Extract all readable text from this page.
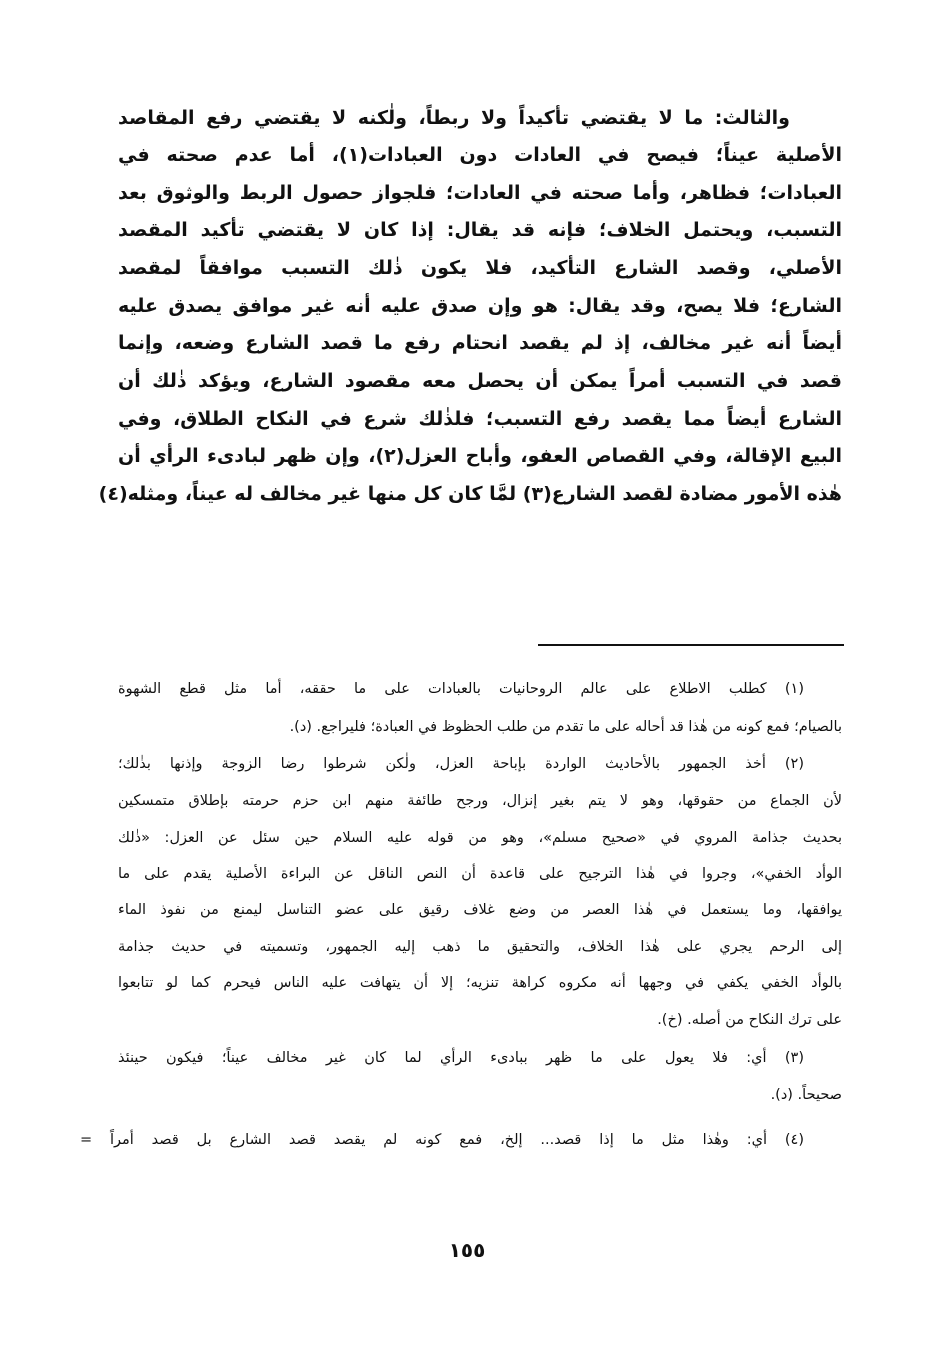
والثالث: ما لا يقتضي تأكيداً ولا ربطاً، ولٰكنه لا يقتضي رفع المقاصد
الأصلية عيناً؛ فيصح في العادات دون العبادات(١)، أما عدم صحته في
العبادات؛ فظاهر، وأما صحته في العادات؛ فلجواز حصول الربط والوثوق بعد
التسبب، ويحتمل الخلاف؛ فإنه قد يقال: إذا كان لا يقتضي تأكيد المقصد
الأصلي، وقصد الشارع التأكيد، فلا يكون ذٰلك التسبب موافقاً لمقصد
الشارع؛ فلا يصح، وقد يقال: هو وإن صدق عليه أنه غير موافق يصدق عليه
أيضاً أنه غير مخالف، إذ لم يقصد انحتام رفع ما قصد الشارع وضعه، وإنما
قصد في التسبب أمراً يمكن أن يحصل معه مقصود الشارع، ويؤكد ذٰلك أن
الشارع أيضاً مما يقصد رفع التسبب؛ فلذٰلك شرع في النكاح الطلاق، وفي
البيع الإقالة، وفي القصاص العفو، وأباح العزل(٢)، وإن ظهر لبادىء الرأي أن
هٰذه الأمور مضادة لقصد الشارع(٣) لمَّا كان كل منها غير مخالف له عيناً، ومثله(٤)
(١) كطلب الاطلاع على عالم الروحانيات بالعبادات على ما حققه، أما مثل قطع الشهوة
بالصيام؛ فمع كونه من هٰذا قد أحاله على ما تقدم من طلب الحظوظ في العبادة؛ فليراجع. (د).
(٢) أخذ الجمهور بالأحاديث الواردة بإباحة العزل، ولٰكن شرطوا رضا الزوجة وإذنها بذٰلك؛
لأن الجماع من حقوقها، وهو لا يتم بغير إنزال، ورجح طائفة منهم ابن حزم حرمته بإطلاق متمسكين
بحديث جذامة المروي في «صحيح مسلم»، وهو من قوله عليه السلام حين سئل عن العزل: «ذٰلك
الوأد الخفي»، وجروا في هٰذا الترجيح على قاعدة أن النص الناقل عن البراءة الأصلية يقدم على ما
يوافقها، وما يستعمل في هٰذا العصر من وضع غلاف رقيق على عضو التناسل ليمنع من نفوذ الماء
إلى الرحم يجري على هٰذا الخلاف، والتحقيق ما ذهب إليه الجمهور، وتسميته في حديث جذامة
بالوأد الخفي يكفي في وجهها أنه مكروه كراهة تنزيه؛ إلا أن يتهافت عليه الناس فيحرم كما لو تتابعوا
على ترك النكاح من أصله. (خ).
(٣) أي: فلا يعول على ما ظهر ببادىء الرأي لما كان غير مخالف عيناً؛ فيكون حينئذ
صحيحاً. (د).
(٤) أي: وهٰذا مثل ما إذا قصد... إلخ، فمع كونه لم يقصد قصد الشارع بل قصد أمراً =
١٥٥
